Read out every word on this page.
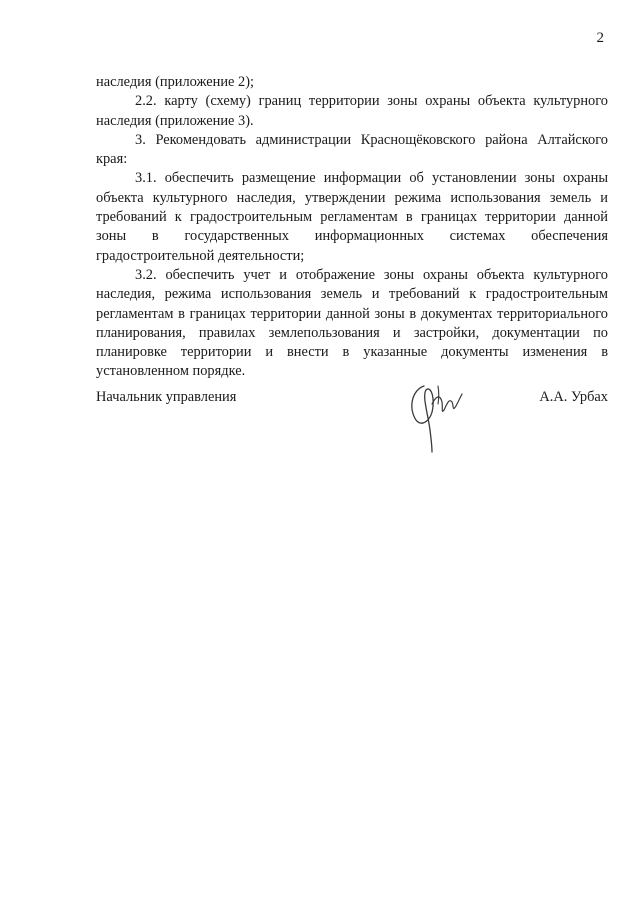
2

наследия (приложение 2);

2.2. карту (схему) границ территории зоны охраны объекта культурного наследия (приложение 3).

3. Рекомендовать администрации Краснощёковского района Алтайского края:

3.1. обеспечить размещение информации об установлении зоны охраны объекта культурного наследия, утверждении режима использования земель и требований к градостроительным регламентам в границах территории данной зоны в государственных информационных системах обеспечения градостроительной деятельности;

3.2. обеспечить учет и отображение зоны охраны объекта культурного наследия, режима использования земель и требований к градостроительным регламентам в границах территории данной зоны в документах территориального планирования, правилах землепользования и застройки, документации по планировке территории и внести в указанные документы изменения в установленном порядке.

Начальник управления	А.А. Урбах
